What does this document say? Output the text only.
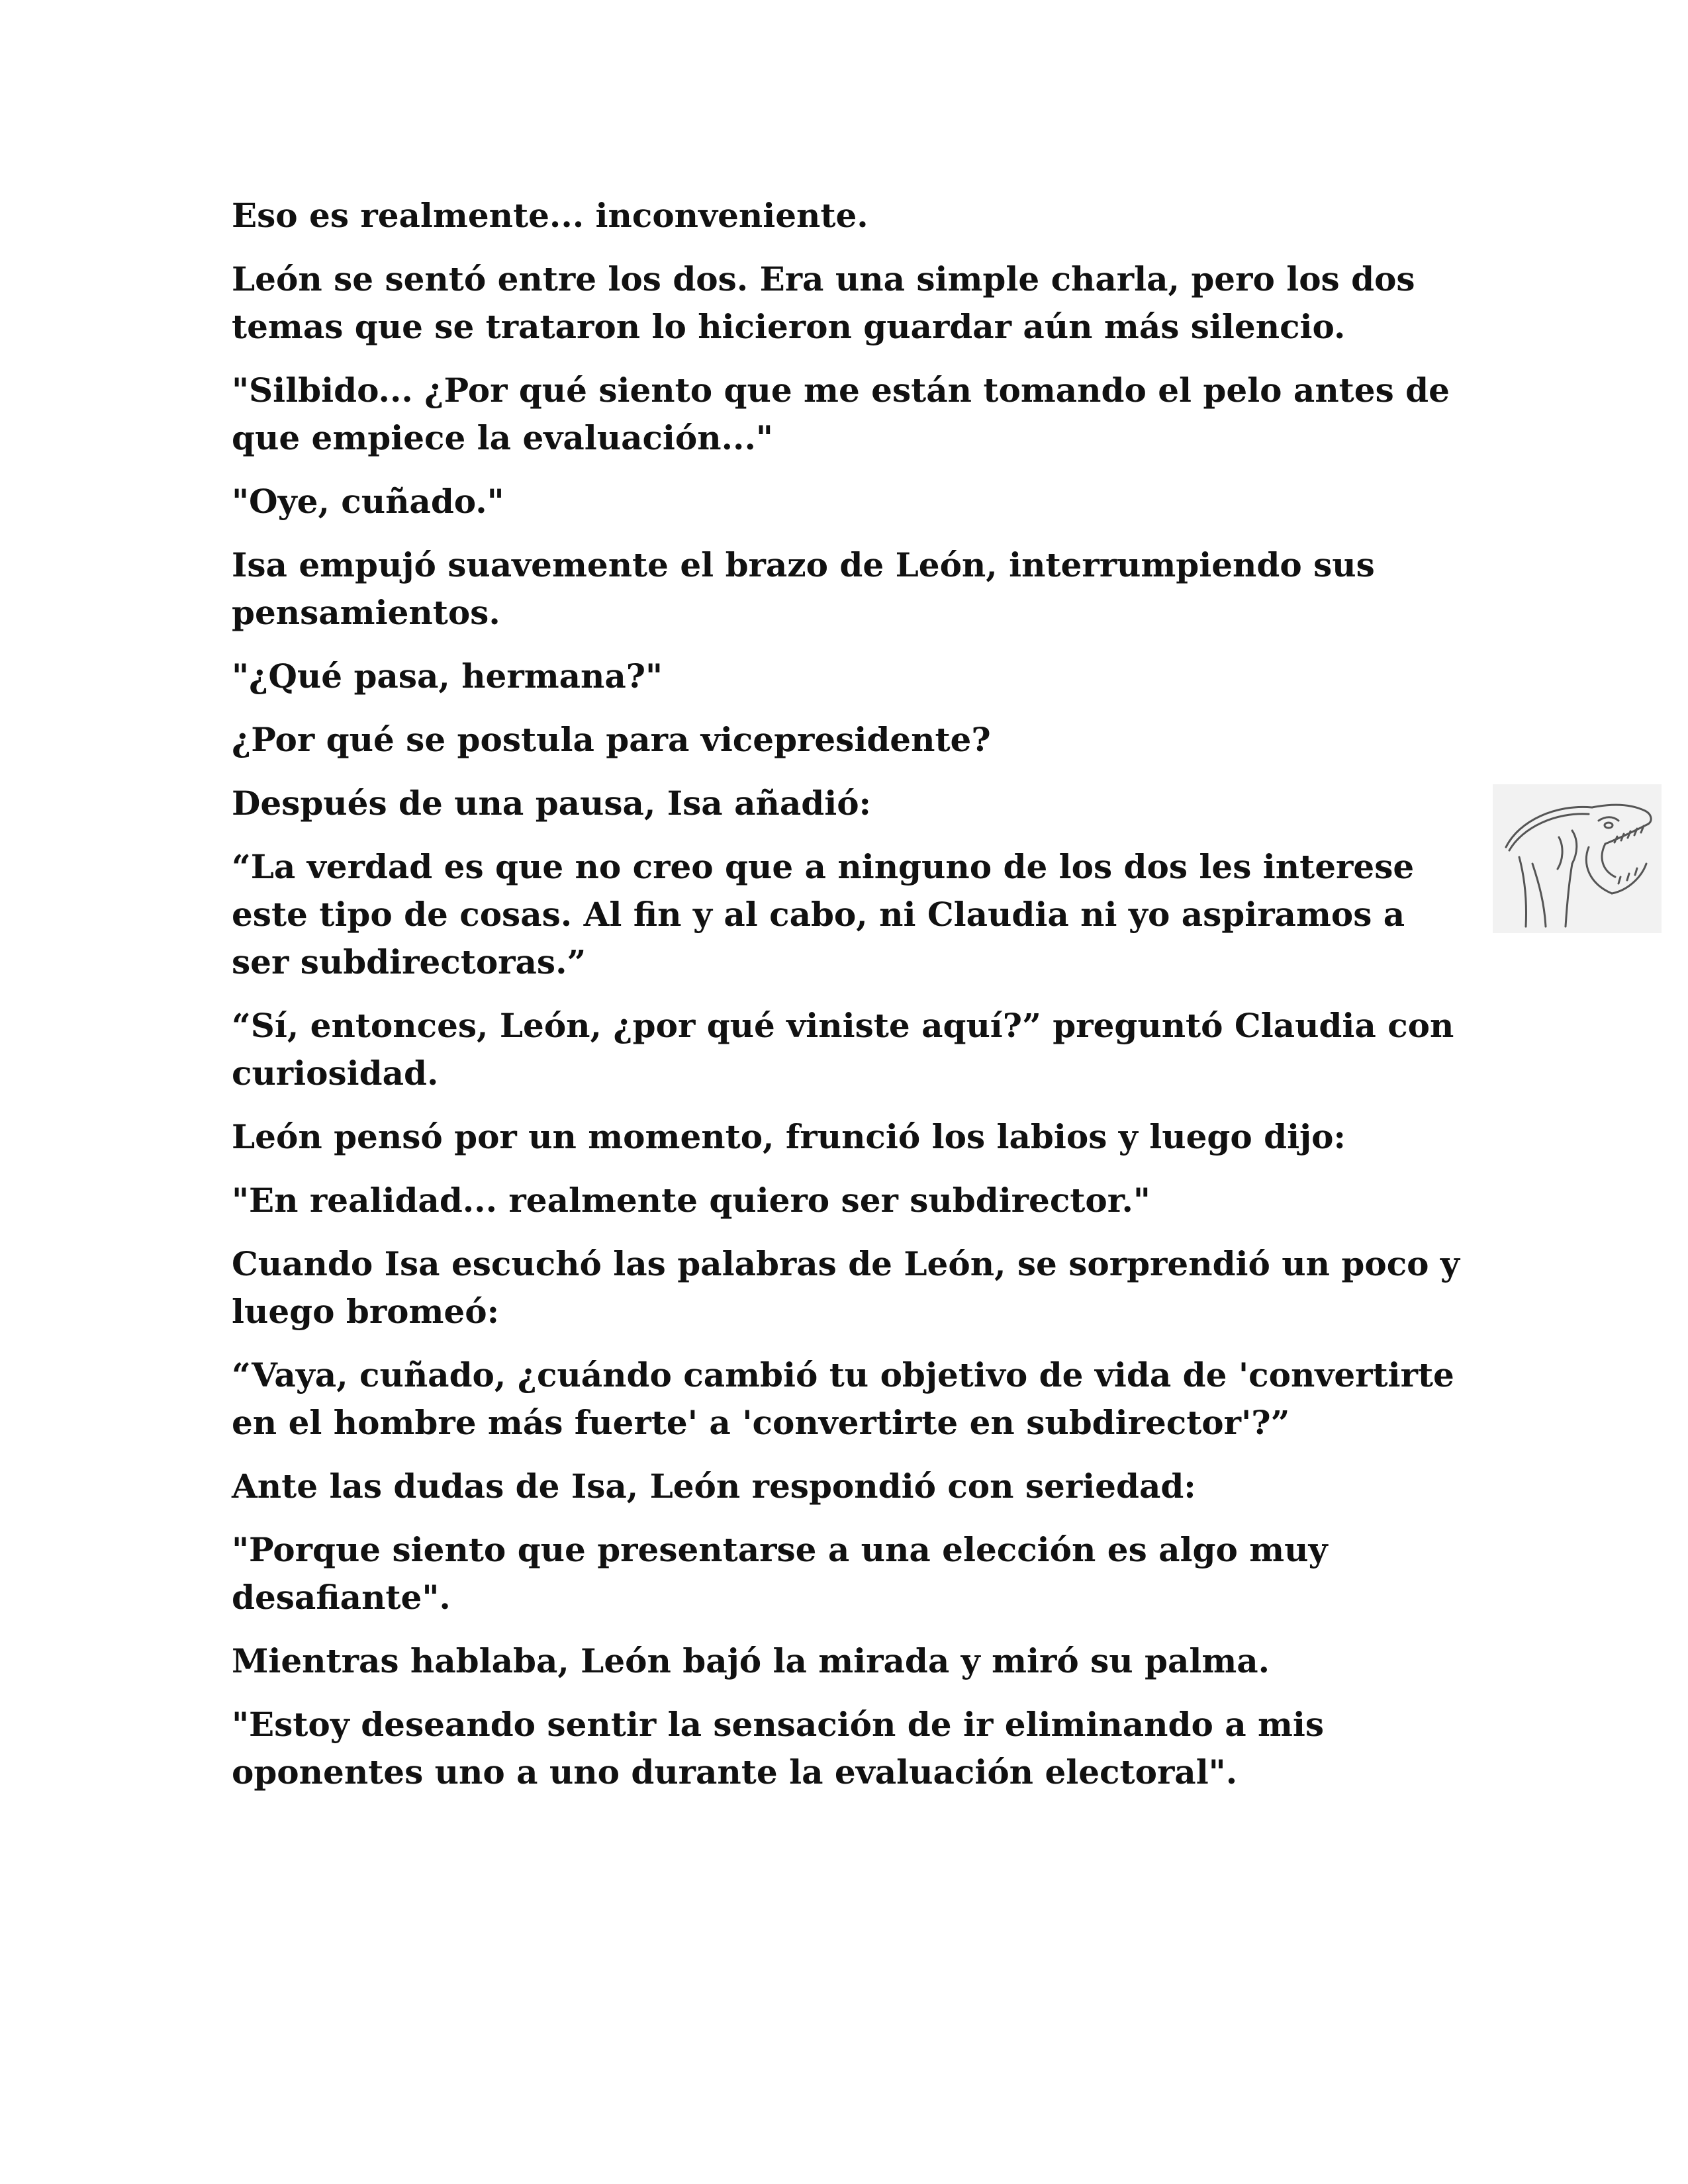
Eso es realmente... inconveniente.

León se sentó entre los dos. Era una simple charla, pero los dos temas que se trataron lo hicieron guardar aún más silencio.

"Silbido... ¿Por qué siento que me están tomando el pelo antes de que empiece la evaluación..."

"Oye, cuñado."

Isa empujó suavemente el brazo de León, interrumpiendo sus pensamientos.

"¿Qué pasa, hermana?"

¿Por qué se postula para vicepresidente?

Después de una pausa, Isa añadió:

“La verdad es que no creo que a ninguno de los dos les interese este tipo de cosas. Al fin y al cabo, ni Claudia ni yo aspiramos a ser subdirectoras.”

“Sí, entonces, León, ¿por qué viniste aquí?” preguntó Claudia con curiosidad.

León pensó por un momento, frunció los labios y luego dijo:

"En realidad... realmente quiero ser subdirector."

Cuando Isa escuchó las palabras de León, se sorprendió un poco y luego bromeó:

“Vaya, cuñado, ¿cuándo cambió tu objetivo de vida de 'convertirte en el hombre más fuerte' a 'convertirte en subdirector'?”

Ante las dudas de Isa, León respondió con seriedad:

"Porque siento que presentarse a una elección es algo muy desafiante".

Mientras hablaba, León bajó la mirada y miró su palma.

"Estoy deseando sentir la sensación de ir eliminando a mis oponentes uno a uno durante la evaluación electoral".
